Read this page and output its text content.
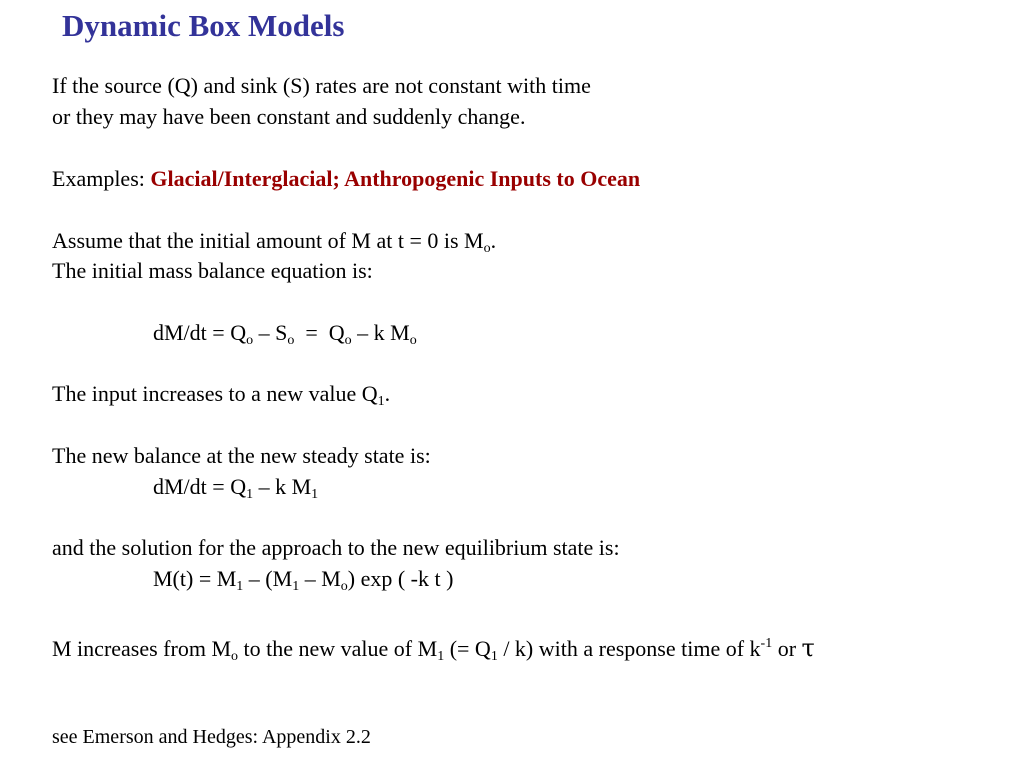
Dynamic Box Models
If the source (Q) and sink (S) rates are not constant with time
or they may have been constant and suddenly change.
Examples: Glacial/Interglacial; Anthropogenic Inputs to Ocean
Assume that the initial amount of M at t = 0 is $M_o$.
The initial mass balance equation is:
$dM/dt = Q_o - S_o = Q_o - k$ $M_o$
The input increases to a new value $Q_1$.
The new balance at the new steady state is:
$dM/dt = Q_1 - k$ $M_1$
and the solution for the approach to the new equilibrium state is:
$M(t) = M_1 - (M_1 - M_o)$ exp ( -k t )
M increases from $M_o$ to the new value of $M_1$ (= $Q_1 / k$) with a response time of $k^{-1}$ or τ
see Emerson and Hedges: Appendix 2.2
